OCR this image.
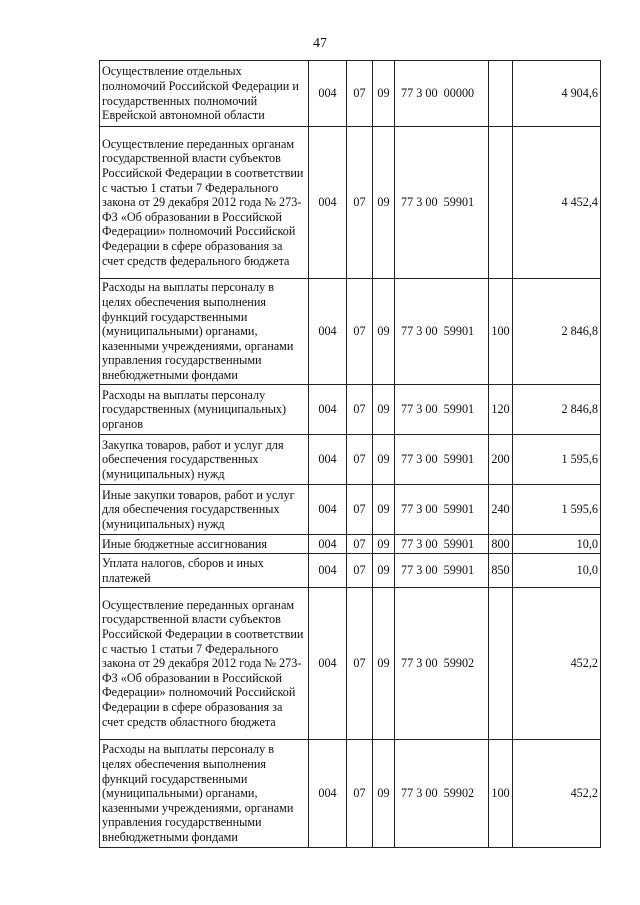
47
Осуществление отдельных полномочий Российской Федерации и государственных полномочий Еврейской автономной области	004	07	09	77 3 00  00000		4 904,6
Осуществление переданных органам государственной власти субъектов Российской Федерации в соответствии с частью 1 статьи 7 Федерального закона от 29 декабря 2012 года № 273-ФЗ «Об образовании в Российской Федерации» полномочий Российской Федерации в сфере образования за счет средств федерального бюджета	004	07	09	77 3 00  59901		4 452,4
Расходы на выплаты персоналу в целях обеспечения выполнения функций государственными (муниципальными) органами, казенными учреждениями, органами управления государственными внебюджетными фондами	004	07	09	77 3 00  59901	100	2 846,8
Расходы на выплаты персоналу государственных (муниципальных) органов	004	07	09	77 3 00  59901	120	2 846,8
Закупка товаров, работ и услуг для обеспечения государственных (муниципальных) нужд	004	07	09	77 3 00  59901	200	1 595,6
Иные закупки товаров, работ и услуг для обеспечения государственных (муниципальных) нужд	004	07	09	77 3 00  59901	240	1 595,6
Иные бюджетные ассигнования	004	07	09	77 3 00  59901	800	10,0
Уплата налогов, сборов и иных платежей	004	07	09	77 3 00  59901	850	10,0
Осуществление переданных органам государственной власти субъектов Российской Федерации в соответствии с частью 1 статьи 7 Федерального закона от 29 декабря 2012 года № 273-ФЗ «Об образовании в Российской Федерации» полномочий Российской Федерации в сфере образования за счет средств областного бюджета	004	07	09	77 3 00  59902		452,2
Расходы на выплаты персоналу в целях обеспечения выполнения функций государственными (муниципальными) органами, казенными учреждениями, органами управления государственными внебюджетными фондами	004	07	09	77 3 00  59902	100	452,2
